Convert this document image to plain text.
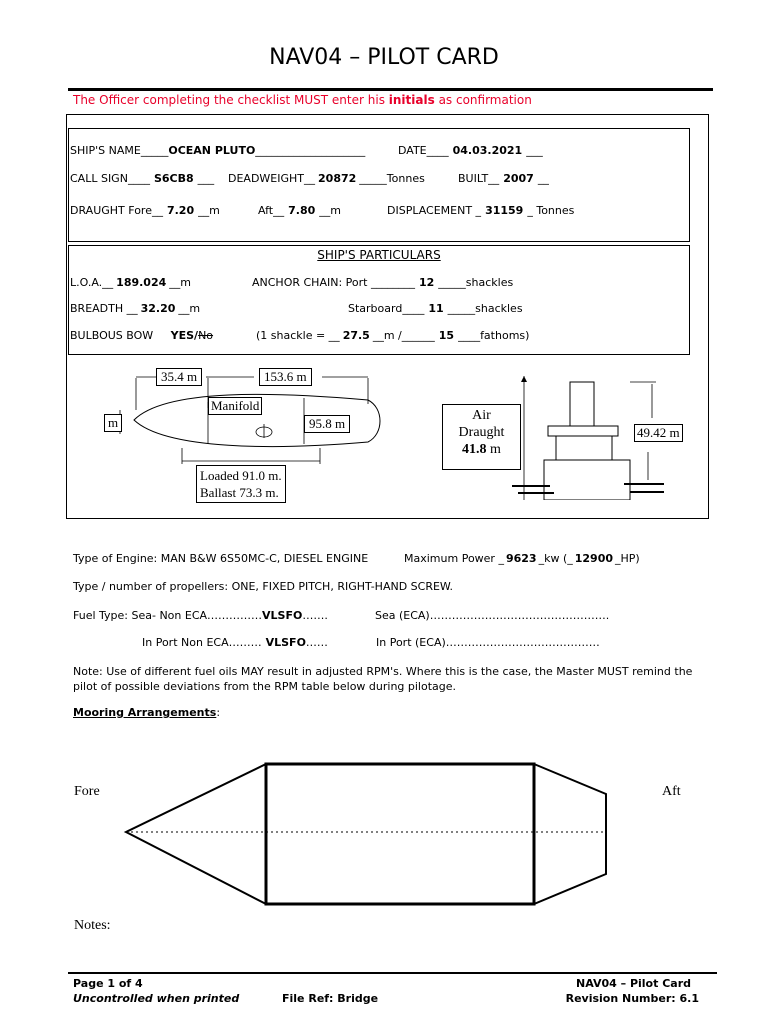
NAV04 – PILOT CARD
The Officer completing the checklist MUST enter his initials as confirmation
SHIP'S NAME_____OCEAN PLUTO____________________	DATE____ 04.03.2021 ___
CALL SIGN____ S6CB8 ___ DEADWEIGHT__ 20872 _____Tonnes	BUILT__ 2007 __
DRAUGHT Fore__ 7.20 __m	Aft__ 7.80 __m	DISPLACEMENT _ 31159 _ Tonnes
SHIP'S PARTICULARS
L.O.A.__ 189.024 __m	ANCHOR CHAIN: Port ________ 12 _____shackles
BREADTH __ 32.20 __m	Starboard____ 11 _____shackles
BULBOUS BOW YES/No	(1 shackle = __ 27.5 __m /______ 15 ____fathoms)
35.4 m	153.6 m
Manifold
m	95.8 m
Loaded 91.0 m.
Ballast 73.3 m.
Air
Draught
41.8 m
49.42 m
Type of Engine: MAN B&W 6S50MC-C, DIESEL ENGINE	Maximum Power _ 9623 _kw (_ 12900 _HP)
Type / number of propellers: ONE, FIXED PITCH, RIGHT-HAND SCREW.
Fuel Type: Sea- Non ECA……………VLSFO…….	Sea (ECA)………………………………………….
In Port Non ECA……… VLSFO……	In Port (ECA)……………………………………
Note: Use of different fuel oils MAY result in adjusted RPM's. Where this is the case, the Master MUST remind the
pilot of possible deviations from the RPM table below during pilotage.
Mooring Arrangements:
Fore	Aft
Notes:
Page 1 of 4	NAV04 – Pilot Card
Uncontrolled when printed	File Ref: Bridge	Revision Number: 6.1
